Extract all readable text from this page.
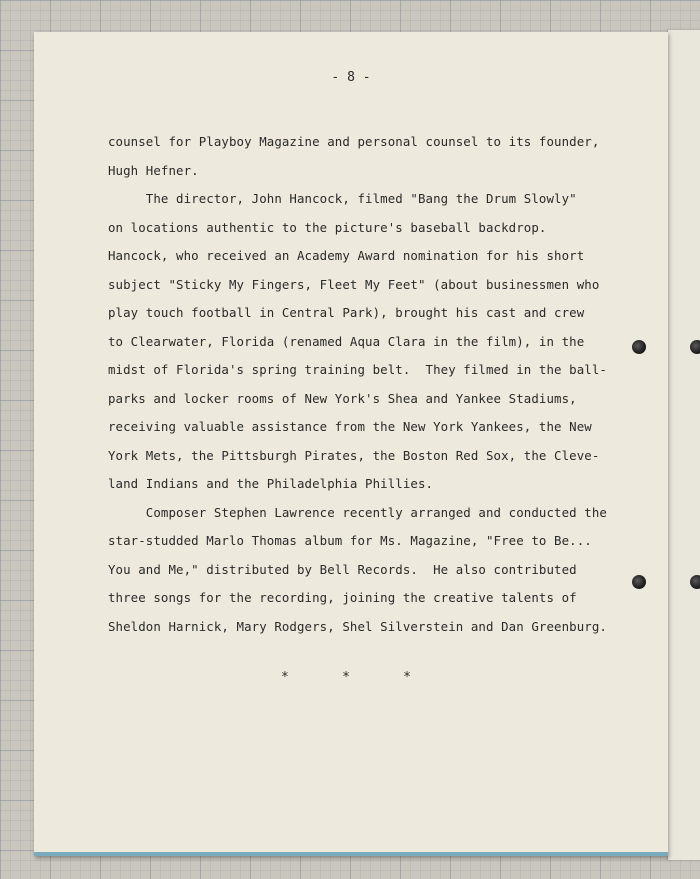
- 8 -
counsel for Playboy Magazine and personal counsel to its founder,
Hugh Hefner.
The director, John Hancock, filmed "Bang the Drum Slowly"
on locations authentic to the picture's baseball backdrop.
Hancock, who received an Academy Award nomination for his short
subject "Sticky My Fingers, Fleet My Feet" (about businessmen who
play touch football in Central Park), brought his cast and crew
to Clearwater, Florida (renamed Aqua Clara in the film), in the
midst of Florida's spring training belt.  They filmed in the ball-
parks and locker rooms of New York's Shea and Yankee Stadiums,
receiving valuable assistance from the New York Yankees, the New
York Mets, the Pittsburgh Pirates, the Boston Red Sox, the Cleve-
land Indians and the Philadelphia Phillies.
Composer Stephen Lawrence recently arranged and conducted the
star-studded Marlo Thomas album for Ms. Magazine, "Free to Be...
You and Me," distributed by Bell Records.  He also contributed
three songs for the recording, joining the creative talents of
Sheldon Harnick, Mary Rodgers, Shel Silverstein and Dan Greenburg.
*	*	*
